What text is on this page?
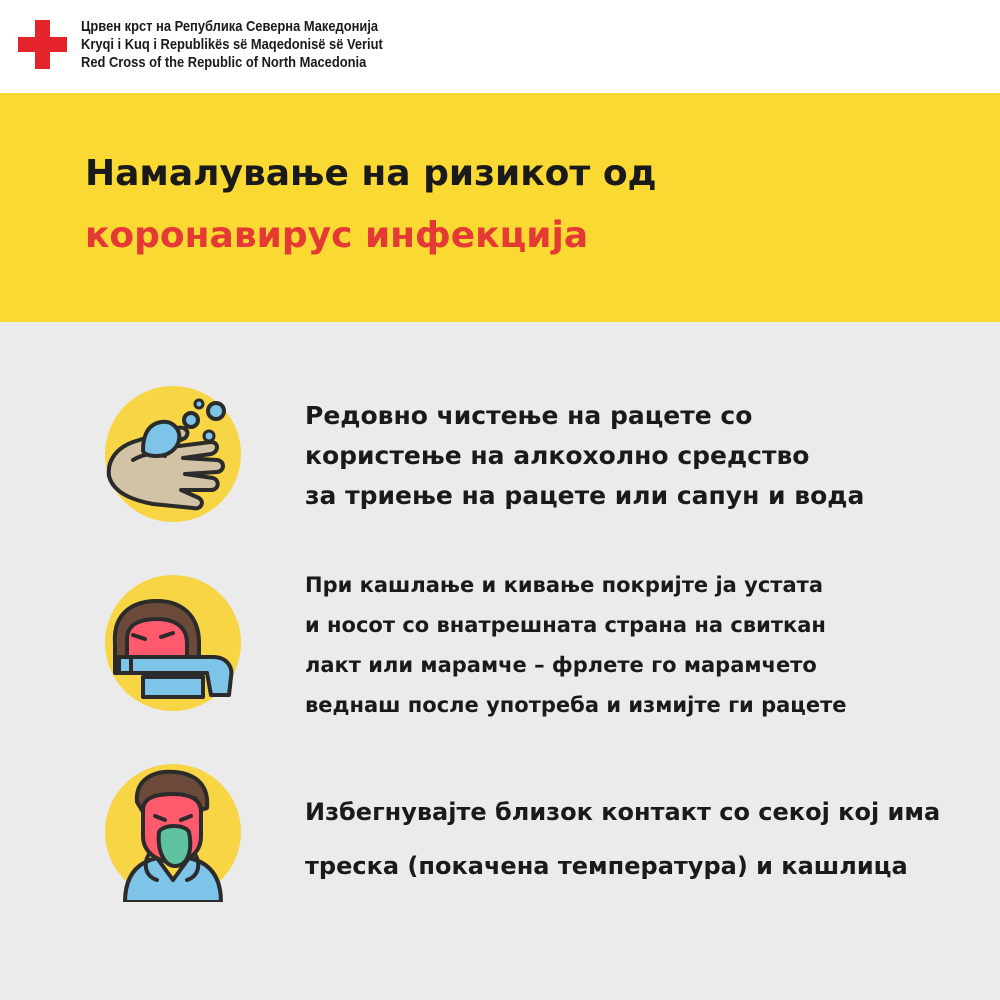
Црвен крст на Република Северна Македонија
Kryqi i Kuq i Republikës së Maqedonisë së Veriut
Red Cross of the Republic of North Macedonia
Намалување на ризикот од
коронавирус инфекција

Редовно чистење на рацете со
користење на алкохолно средство
за триење на рацете или сапун и вода

При кашлање и кивање покријте ја устата
и носот со внатрешната страна на свиткан
лакт или марамче – фрлете го марамчето
веднаш после употреба и измијте ги рацете

Избегнувајте близок контакт со секој кој има
треска (покачена температура) и кашлица
